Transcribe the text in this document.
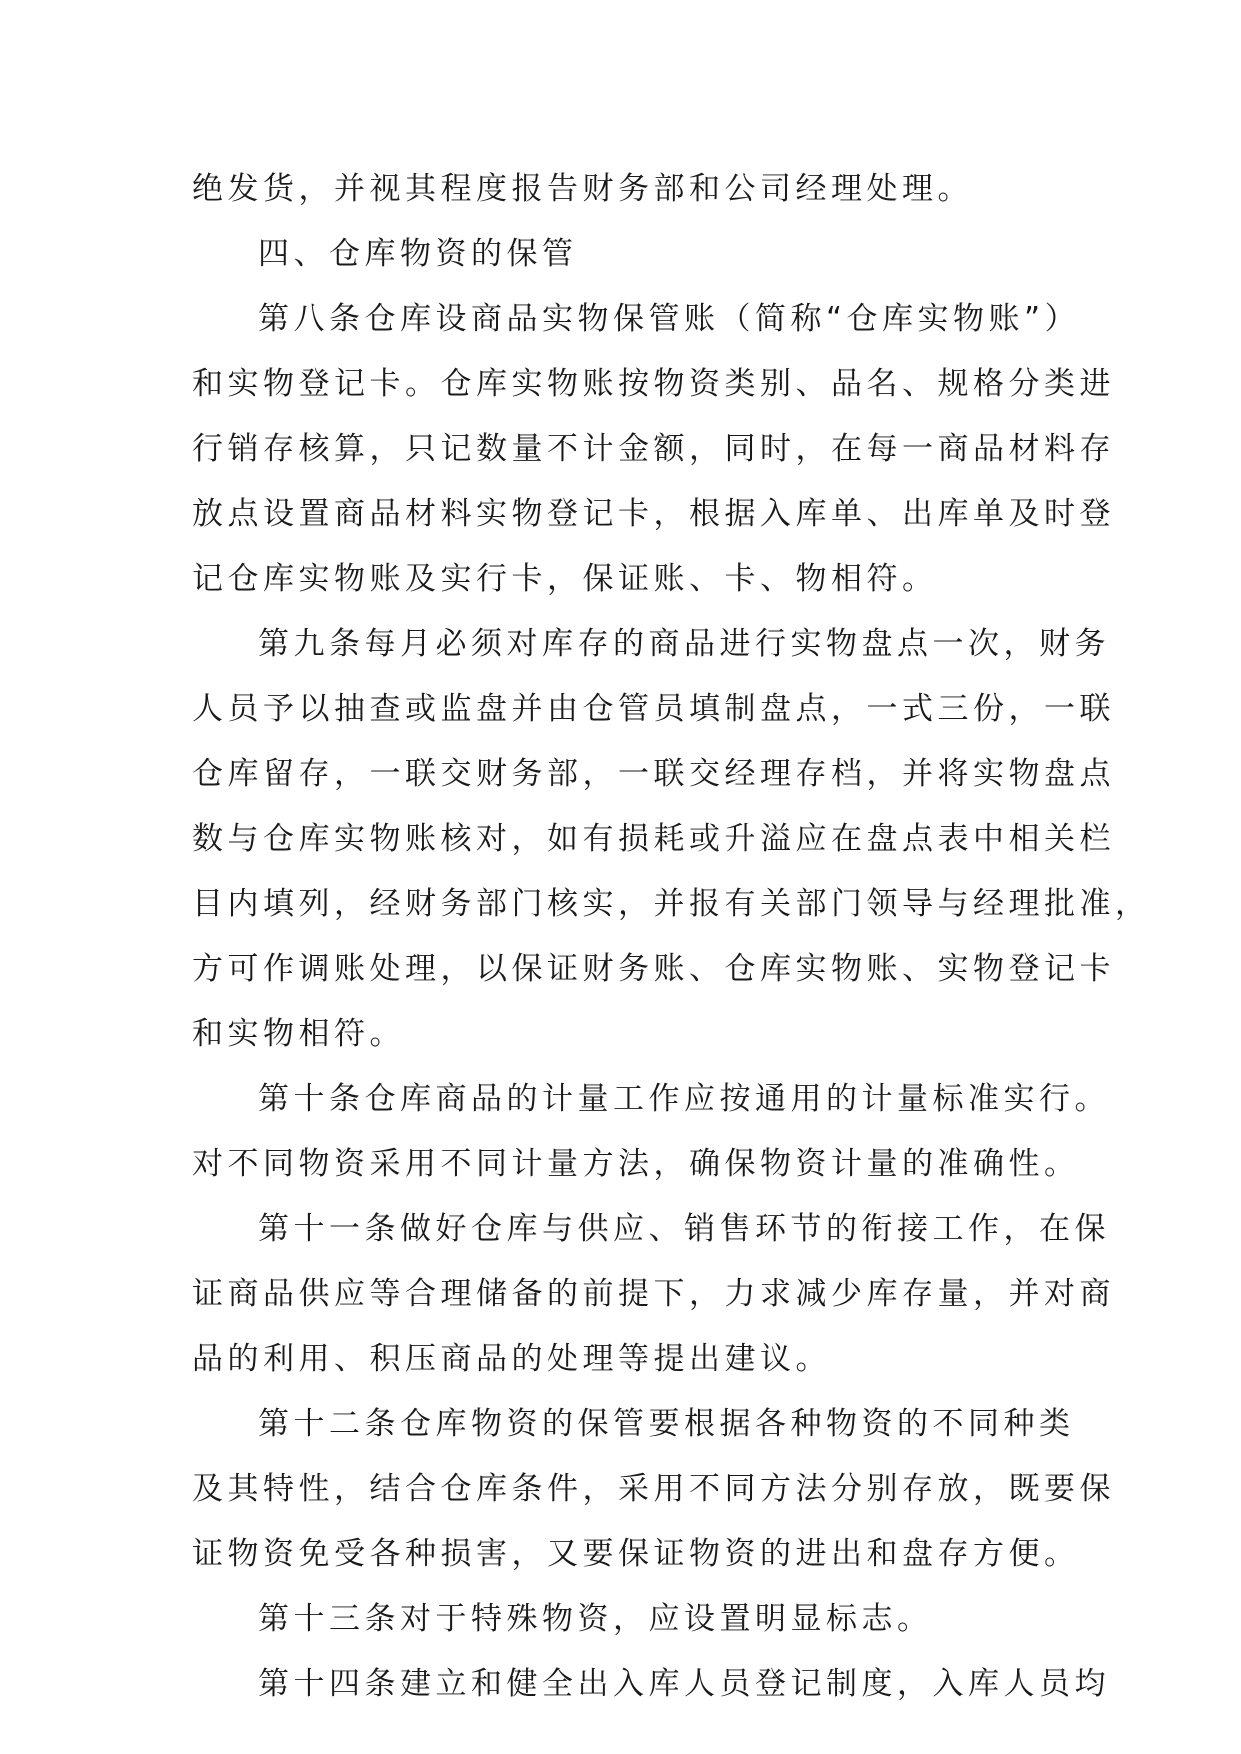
绝发货，并视其程度报告财务部和公司经理处理。
四、仓库物资的保管
第八条仓库设商品实物保管账（简称“仓库实物账”）
和实物登记卡。仓库实物账按物资类别、品名、规格分类进
行销存核算，只记数量不计金额，同时，在每一商品材料存
放点设置商品材料实物登记卡，根据入库单、出库单及时登
记仓库实物账及实行卡，保证账、卡、物相符。
第九条每月必须对库存的商品进行实物盘点一次，财务
人员予以抽查或监盘并由仓管员填制盘点，一式三份，一联
仓库留存，一联交财务部，一联交经理存档，并将实物盘点
数与仓库实物账核对，如有损耗或升溢应在盘点表中相关栏
目内填列，经财务部门核实，并报有关部门领导与经理批准，
方可作调账处理，以保证财务账、仓库实物账、实物登记卡
和实物相符。
第十条仓库商品的计量工作应按通用的计量标准实行。
对不同物资采用不同计量方法，确保物资计量的准确性。
第十一条做好仓库与供应、销售环节的衔接工作，在保
证商品供应等合理储备的前提下，力求减少库存量，并对商
品的利用、积压商品的处理等提出建议。
第十二条仓库物资的保管要根据各种物资的不同种类
及其特性，结合仓库条件，采用不同方法分别存放，既要保
证物资免受各种损害，又要保证物资的进出和盘存方便。
第十三条对于特殊物资，应设置明显标志。
第十四条建立和健全出入库人员登记制度，入库人员均
